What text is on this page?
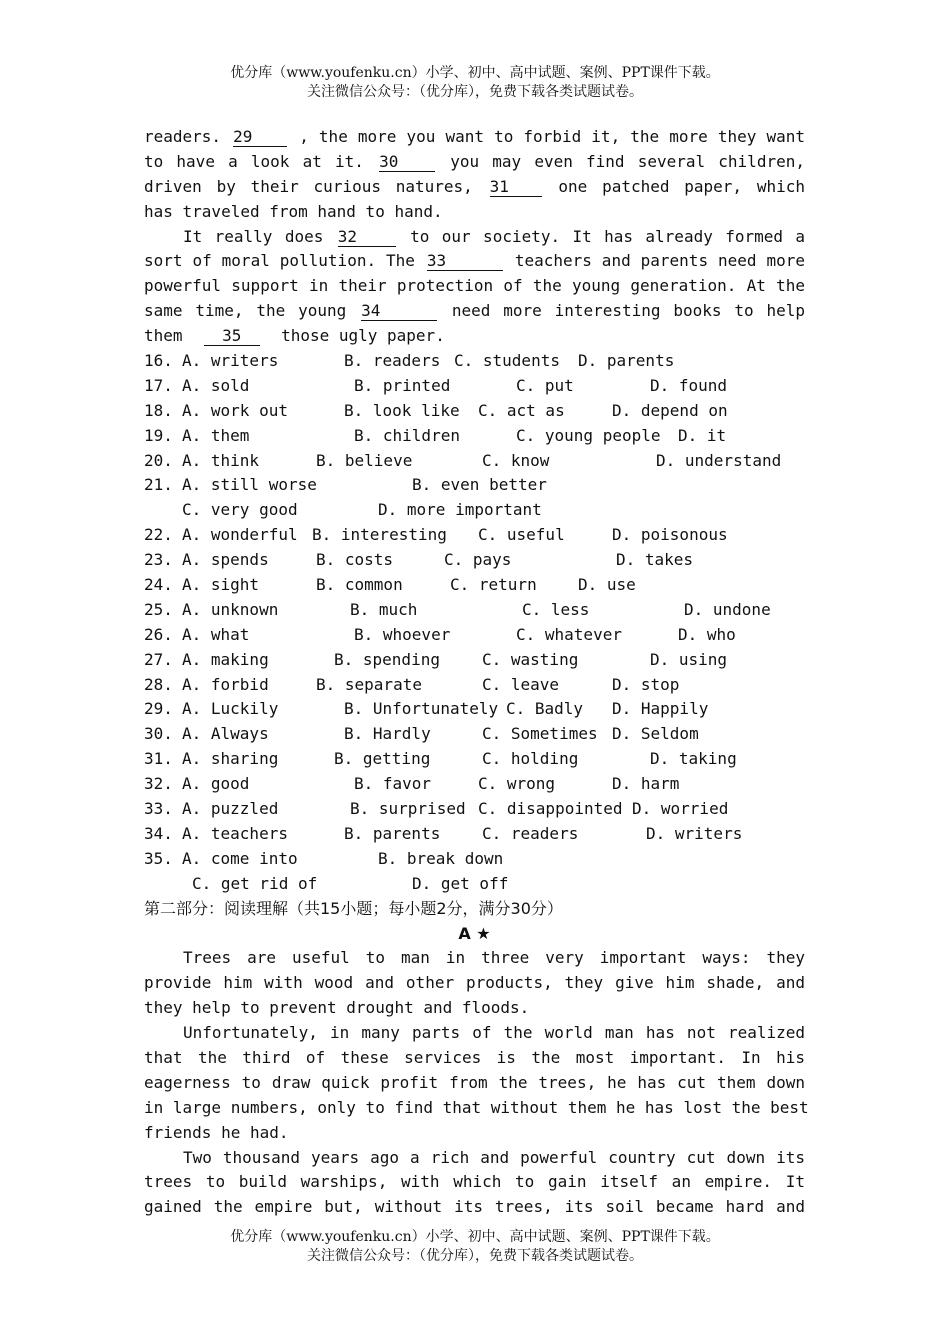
优分库（www.youfenku.cn）小学、初中、高中试题、案例、PPT课件下载。
关注微信公众号：（优分库），免费下载各类试题试卷。
readers. 29	, the more you want to forbid it, the more they want
to have a look at it. 30	you may even find several children,
driven by their curious natures, 31	one patched paper, which
has traveled from hand to hand.
It really does 32	to our society. It has already formed a
sort of moral pollution. The 33	teachers and parents need more
powerful support in their protection of the young generation. At the
same time, the young 34	need more interesting books to help
them 35 those ugly paper.
16. A. writers	B. readers C. students D. parents
17. A. sold	B. printed	C. put	D. found
18. A. work out	B. look like C. act as	D. depend on
19. A. them	B. children	C. young people D. it
20. A. think	B. believe	C. know	D. understand
21. A. still worse	B. even better
C. very good	D. more important
22. A. wonderful B. interesting C. useful	D. poisonous
23. A. spends	B. costs	C. pays	D. takes
24. A. sight	B. common	C. return	D. use
25. A. unknown	B. much	C. less	D. undone
26. A. what	B. whoever	C. whatever	D. who
27. A. making	B. spending	C. wasting	D. using
28. A. forbid	B. separate	C. leave	D. stop
29. A. Luckily	B. Unfortunately C. Badly D. Happily
30. A. Always	B. Hardly	C. Sometimes D. Seldom
31. A. sharing	B. getting	C. holding	D. taking
32. A. good	B. favor	C. wrong	D. harm
33. A. puzzled	B. surprised C. disappointed D. worried
34. A. teachers	B. parents	C. readers	D. writers
35. A. come into	B. break down
C. get rid of	D. get off
第二部分：阅读理解（共15小题；每小题2分，满分30分）
A ★
Trees are useful to man in three very important ways: they
provide him with wood and other products, they give him shade, and
they help to prevent drought and floods.
Unfortunately, in many parts of the world man has not realized
that the third of these services is the most important. In his
eagerness to draw quick profit from the trees, he has cut them down
in large numbers, only to find that without them he has lost the best
friends he had.
Two thousand years ago a rich and powerful country cut down its
trees to build warships, with which to gain itself an empire. It
gained the empire but, without its trees, its soil became hard and
优分库（www.youfenku.cn）小学、初中、高中试题、案例、PPT课件下载。
关注微信公众号：（优分库），免费下载各类试题试卷。
